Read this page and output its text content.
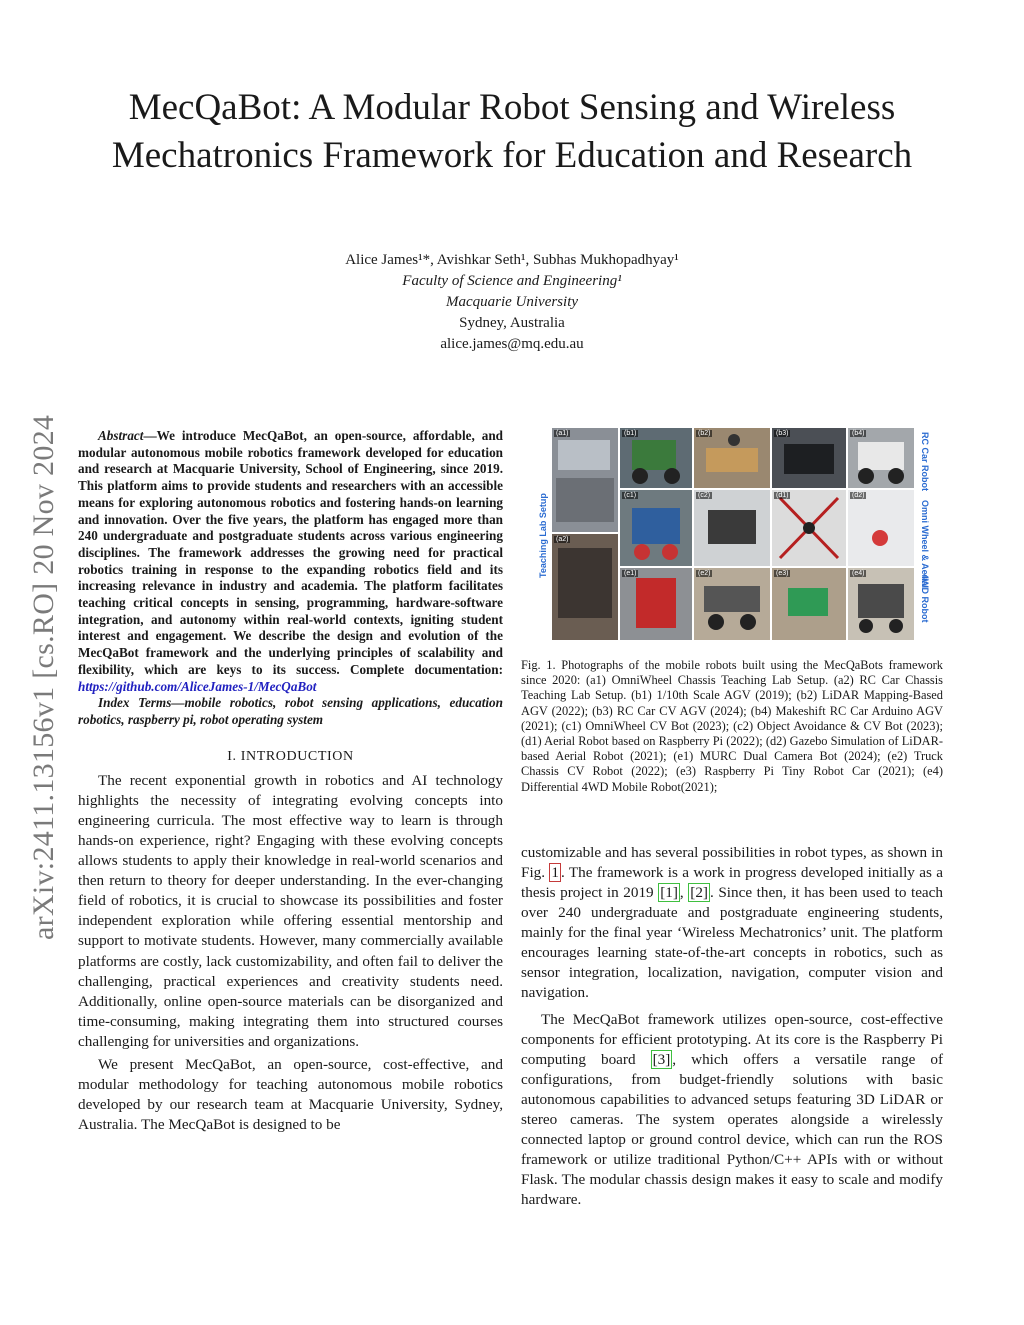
arXiv:2411.13156v1 [cs.RO] 20 Nov 2024
MecQaBot: A Modular Robot Sensing and Wireless Mechatronics Framework for Education and Research
Alice James¹*, Avishkar Seth¹, Subhas Mukhopadhyay¹
Faculty of Science and Engineering¹
Macquarie University
Sydney, Australia
alice.james@mq.edu.au

Abstract—We introduce MecQaBot, an open-source, affordable, and modular autonomous mobile robotics framework developed for education and research at Macquarie University, School of Engineering, since 2019. This platform aims to provide students and researchers with an accessible means for exploring autonomous robotics and fostering hands-on learning and innovation. Over the five years, the platform has engaged more than 240 undergraduate and postgraduate students across various engineering disciplines. The framework addresses the growing need for practical robotics training in response to the expanding robotics field and its increasing relevance in industry and academia. The platform facilitates teaching critical concepts in sensing, programming, hardware-software integration, and autonomy within real-world contexts, igniting student interest and engagement. We describe the design and evolution of the MecQaBot framework and the underlying principles of scalability and flexibility, which are keys to its success. Complete documentation: https://github.com/AliceJames-1/MecQaBot

Index Terms—mobile robotics, robot sensing applications, education robotics, raspberry pi, robot operating system

I. INTRODUCTION

The recent exponential growth in robotics and AI technology highlights the necessity of integrating evolving concepts into engineering curricula. The most effective way to learn is through hands-on experience, right? Engaging with these evolving concepts allows students to apply their knowledge in real-world scenarios and then return to theory for deeper understanding. In the ever-changing field of robotics, it is crucial to showcase its possibilities and foster independent exploration while offering essential mentorship and support to motivate students. However, many commercially available platforms are costly, lack customizability, and often fail to deliver the challenging, practical experiences and creativity students need. Additionally, online open-source materials can be disorganized and time-consuming, making integrating them into structured courses challenging for universities and organizations.

We present MecQaBot, an open-source, cost-effective, and modular methodology for teaching autonomous mobile robotics developed by our research team at Macquarie University, Sydney, Australia. The MecQaBot is designed to be

Teaching Lab Setup
RC Car Robot
Omni Wheel & Aerial
4WD Robot
(a1)
(a2)
(b1)	(b2)	(b3)	(b4)
(c1)	(c2)	(d1)	(d2)
(e1)	(e2)	(e3)	(e4)

Fig. 1. Photographs of the mobile robots built using the MecQaBots framework since 2020: (a1) OmniWheel Chassis Teaching Lab Setup. (a2) RC Car Chassis Teaching Lab Setup. (b1) 1/10th Scale AGV (2019); (b2) LiDAR Mapping-Based AGV (2022); (b3) RC Car CV AGV (2024); (b4) Makeshift RC Car Arduino AGV (2021); (c1) OmniWheel CV Bot (2023); (c2) Object Avoidance & CV Bot (2023); (d1) Aerial Robot based on Raspberry Pi (2022); (d2) Gazebo Simulation of LiDAR-based Aerial Robot (2021); (e1) MURC Dual Camera Bot (2024); (e2) Truck Chassis CV Robot (2022); (e3) Raspberry Pi Tiny Robot Car (2021); (e4) Differential 4WD Mobile Robot(2021);

customizable and has several possibilities in robot types, as shown in Fig. 1 . The framework is a work in progress developed initially as a thesis project in 2019 [1] , [2] . Since then, it has been used to teach over 240 undergraduate and postgraduate engineering students, mainly for the final year ‘Wireless Mechatronics’ unit. The platform encourages learning state-of-the-art concepts in robotics, such as sensor integration, localization, navigation, computer vision and navigation.

The MecQaBot framework utilizes open-source, cost-effective components for efficient prototyping. At its core is the Raspberry Pi computing board [3] , which offers a versatile range of configurations, from budget-friendly solutions with basic autonomous capabilities to advanced setups featuring 3D LiDAR or stereo cameras. The system operates alongside a wirelessly connected laptop or ground control device, which can run the ROS framework or utilize traditional Python/C++ APIs with or without Flask. The modular chassis design makes it easy to scale and modify hardware.
